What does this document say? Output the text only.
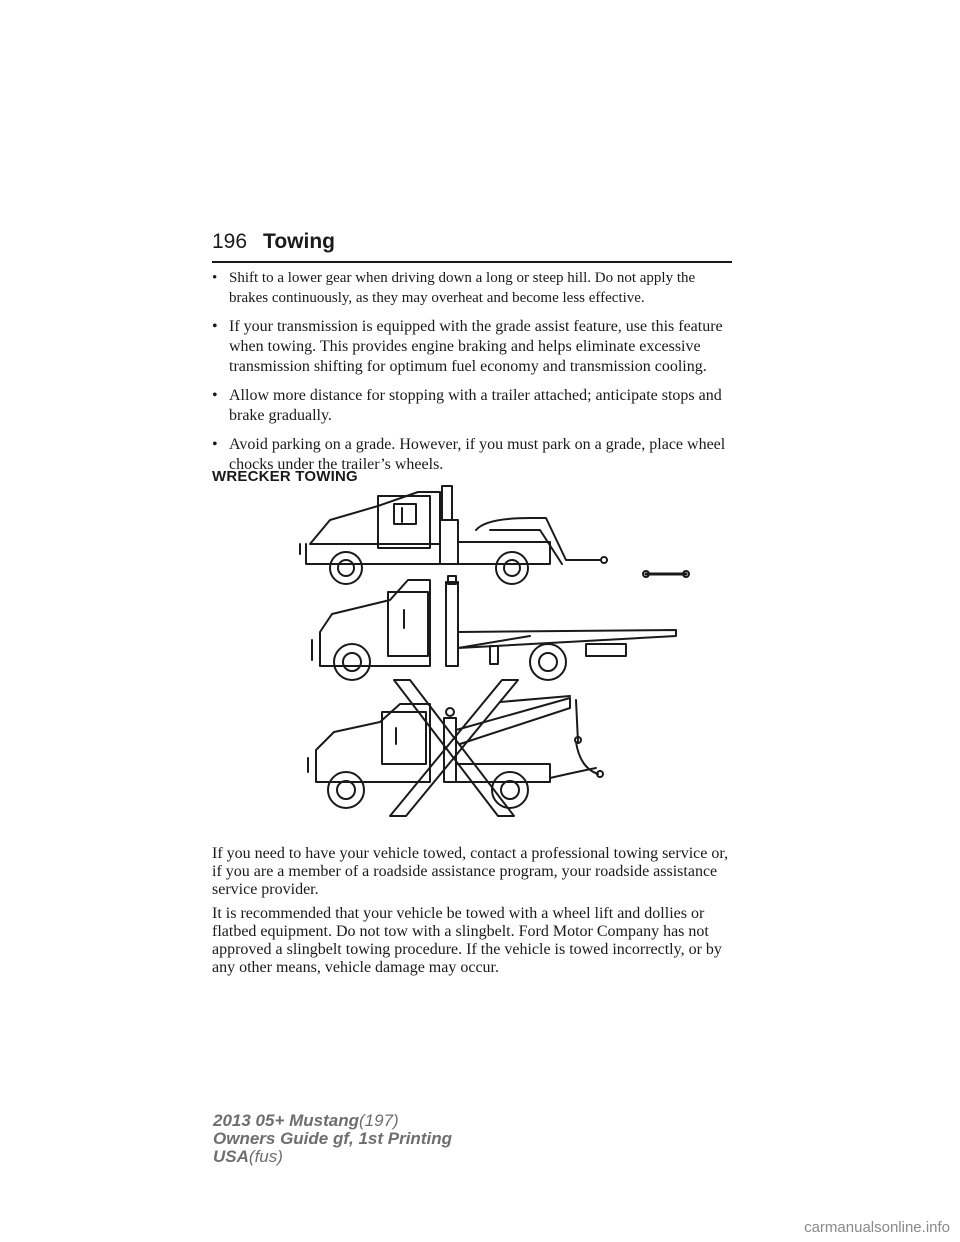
196 Towing
• Shift to a lower gear when driving down a long or steep hill. Do not apply the brakes continuously, as they may overheat and become less effective.
• If your transmission is equipped with the grade assist feature, use this feature when towing. This provides engine braking and helps eliminate excessive transmission shifting for optimum fuel economy and transmission cooling.
• Allow more distance for stopping with a trailer attached; anticipate stops and brake gradually.
• Avoid parking on a grade. However, if you must park on a grade, place wheel chocks under the trailer’s wheels.
WRECKER TOWING

If you need to have your vehicle towed, contact a professional towing service or, if you are a member of a roadside assistance program, your roadside assistance service provider.

It is recommended that your vehicle be towed with a wheel lift and dollies or flatbed equipment. Do not tow with a slingbelt. Ford Motor Company has not approved a slingbelt towing procedure. If the vehicle is towed incorrectly, or by any other means, vehicle damage may occur.

2013 05+ Mustang(197)
Owners Guide gf, 1st Printing
USA(fus)
carmanualsonline.info
